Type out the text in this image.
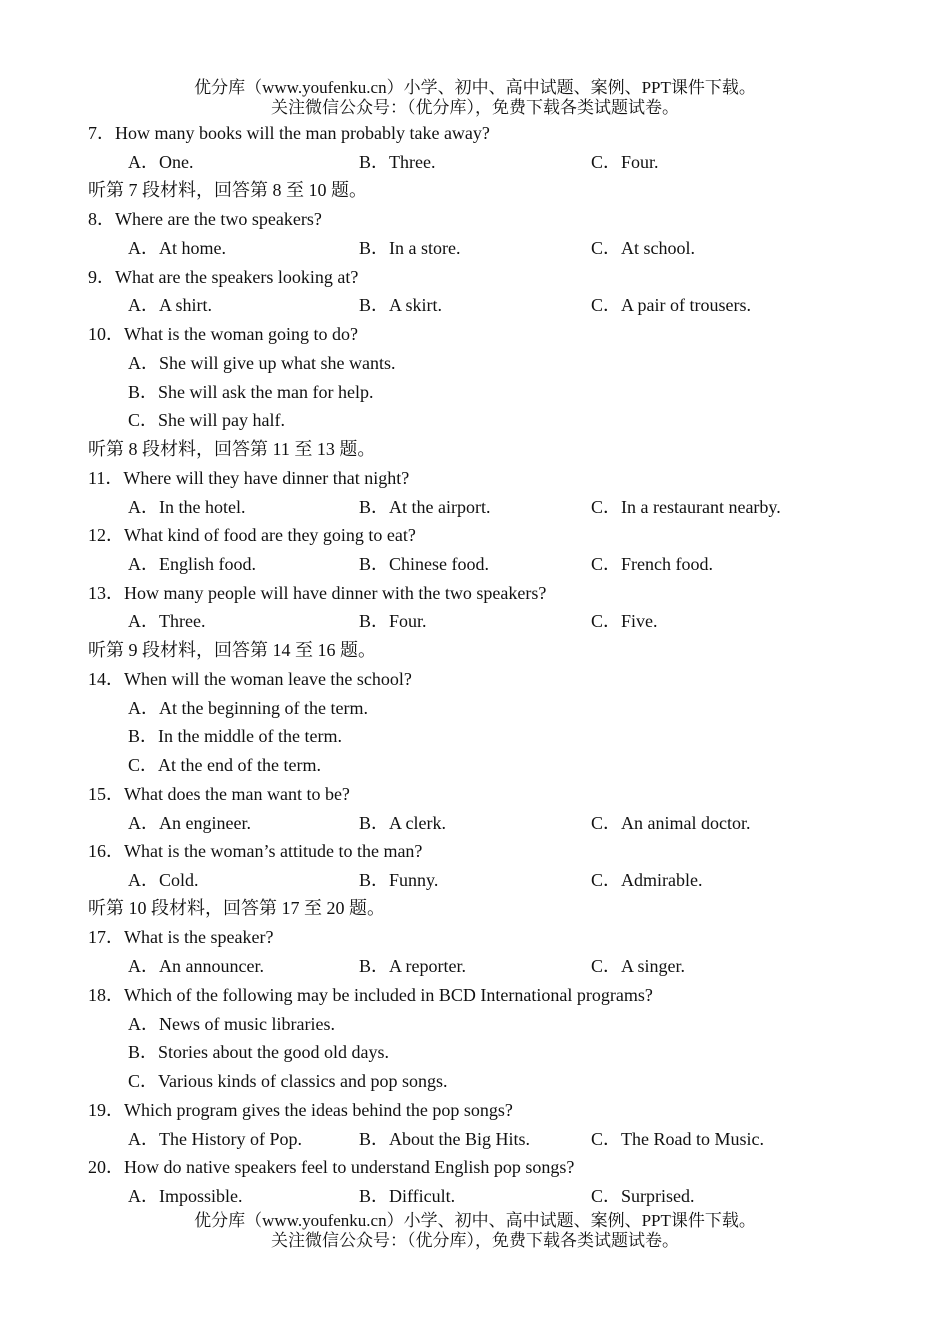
优分库（www.youfenku.cn）小学、初中、高中试题、案例、PPT课件下载。
关注微信公众号：（优分库），免费下载各类试题试卷。
7．How many books will the man probably take away?
A．One.	B．Three.	C．Four.
听第 7 段材料，回答第 8 至 10 题。
8．Where are the two speakers?
A．At home.	B．In a store.	C．At school.
9．What are the speakers looking at?
A．A shirt.	B．A skirt.	C．A pair of trousers.
10．What is the woman going to do?
A．She will give up what she wants.
B．She will ask the man for help.
C．She will pay half.
听第 8 段材料，回答第 11 至 13 题。
11．Where will they have dinner that night?
A．In the hotel.	B．At the airport.	C．In a restaurant nearby.
12．What kind of food are they going to eat?
A．English food.	B．Chinese food.	C．French food.
13．How many people will have dinner with the two speakers?
A．Three.	B．Four.	C．Five.
听第 9 段材料，回答第 14 至 16 题。
14．When will the woman leave the school?
A．At the beginning of the term.
B．In the middle of the term.
C．At the end of the term.
15．What does the man want to be?
A．An engineer.	B．A clerk.	C．An animal doctor.
16．What is the woman’s attitude to the man?
A．Cold.	B．Funny.	C．Admirable.
听第 10 段材料，回答第 17 至 20 题。
17．What is the speaker?
A．An announcer.	B．A reporter.	C．A singer.
18．Which of the following may be included in BCD International programs?
A．News of music libraries.
B．Stories about the good old days.
C．Various kinds of classics and pop songs.
19．Which program gives the ideas behind the pop songs?
A．The History of Pop.	B．About the Big Hits.	C．The Road to Music.
20．How do native speakers feel to understand English pop songs?
A．Impossible.	B．Difficult.	C．Surprised.
优分库（www.youfenku.cn）小学、初中、高中试题、案例、PPT课件下载。
关注微信公众号：（优分库），免费下载各类试题试卷。
